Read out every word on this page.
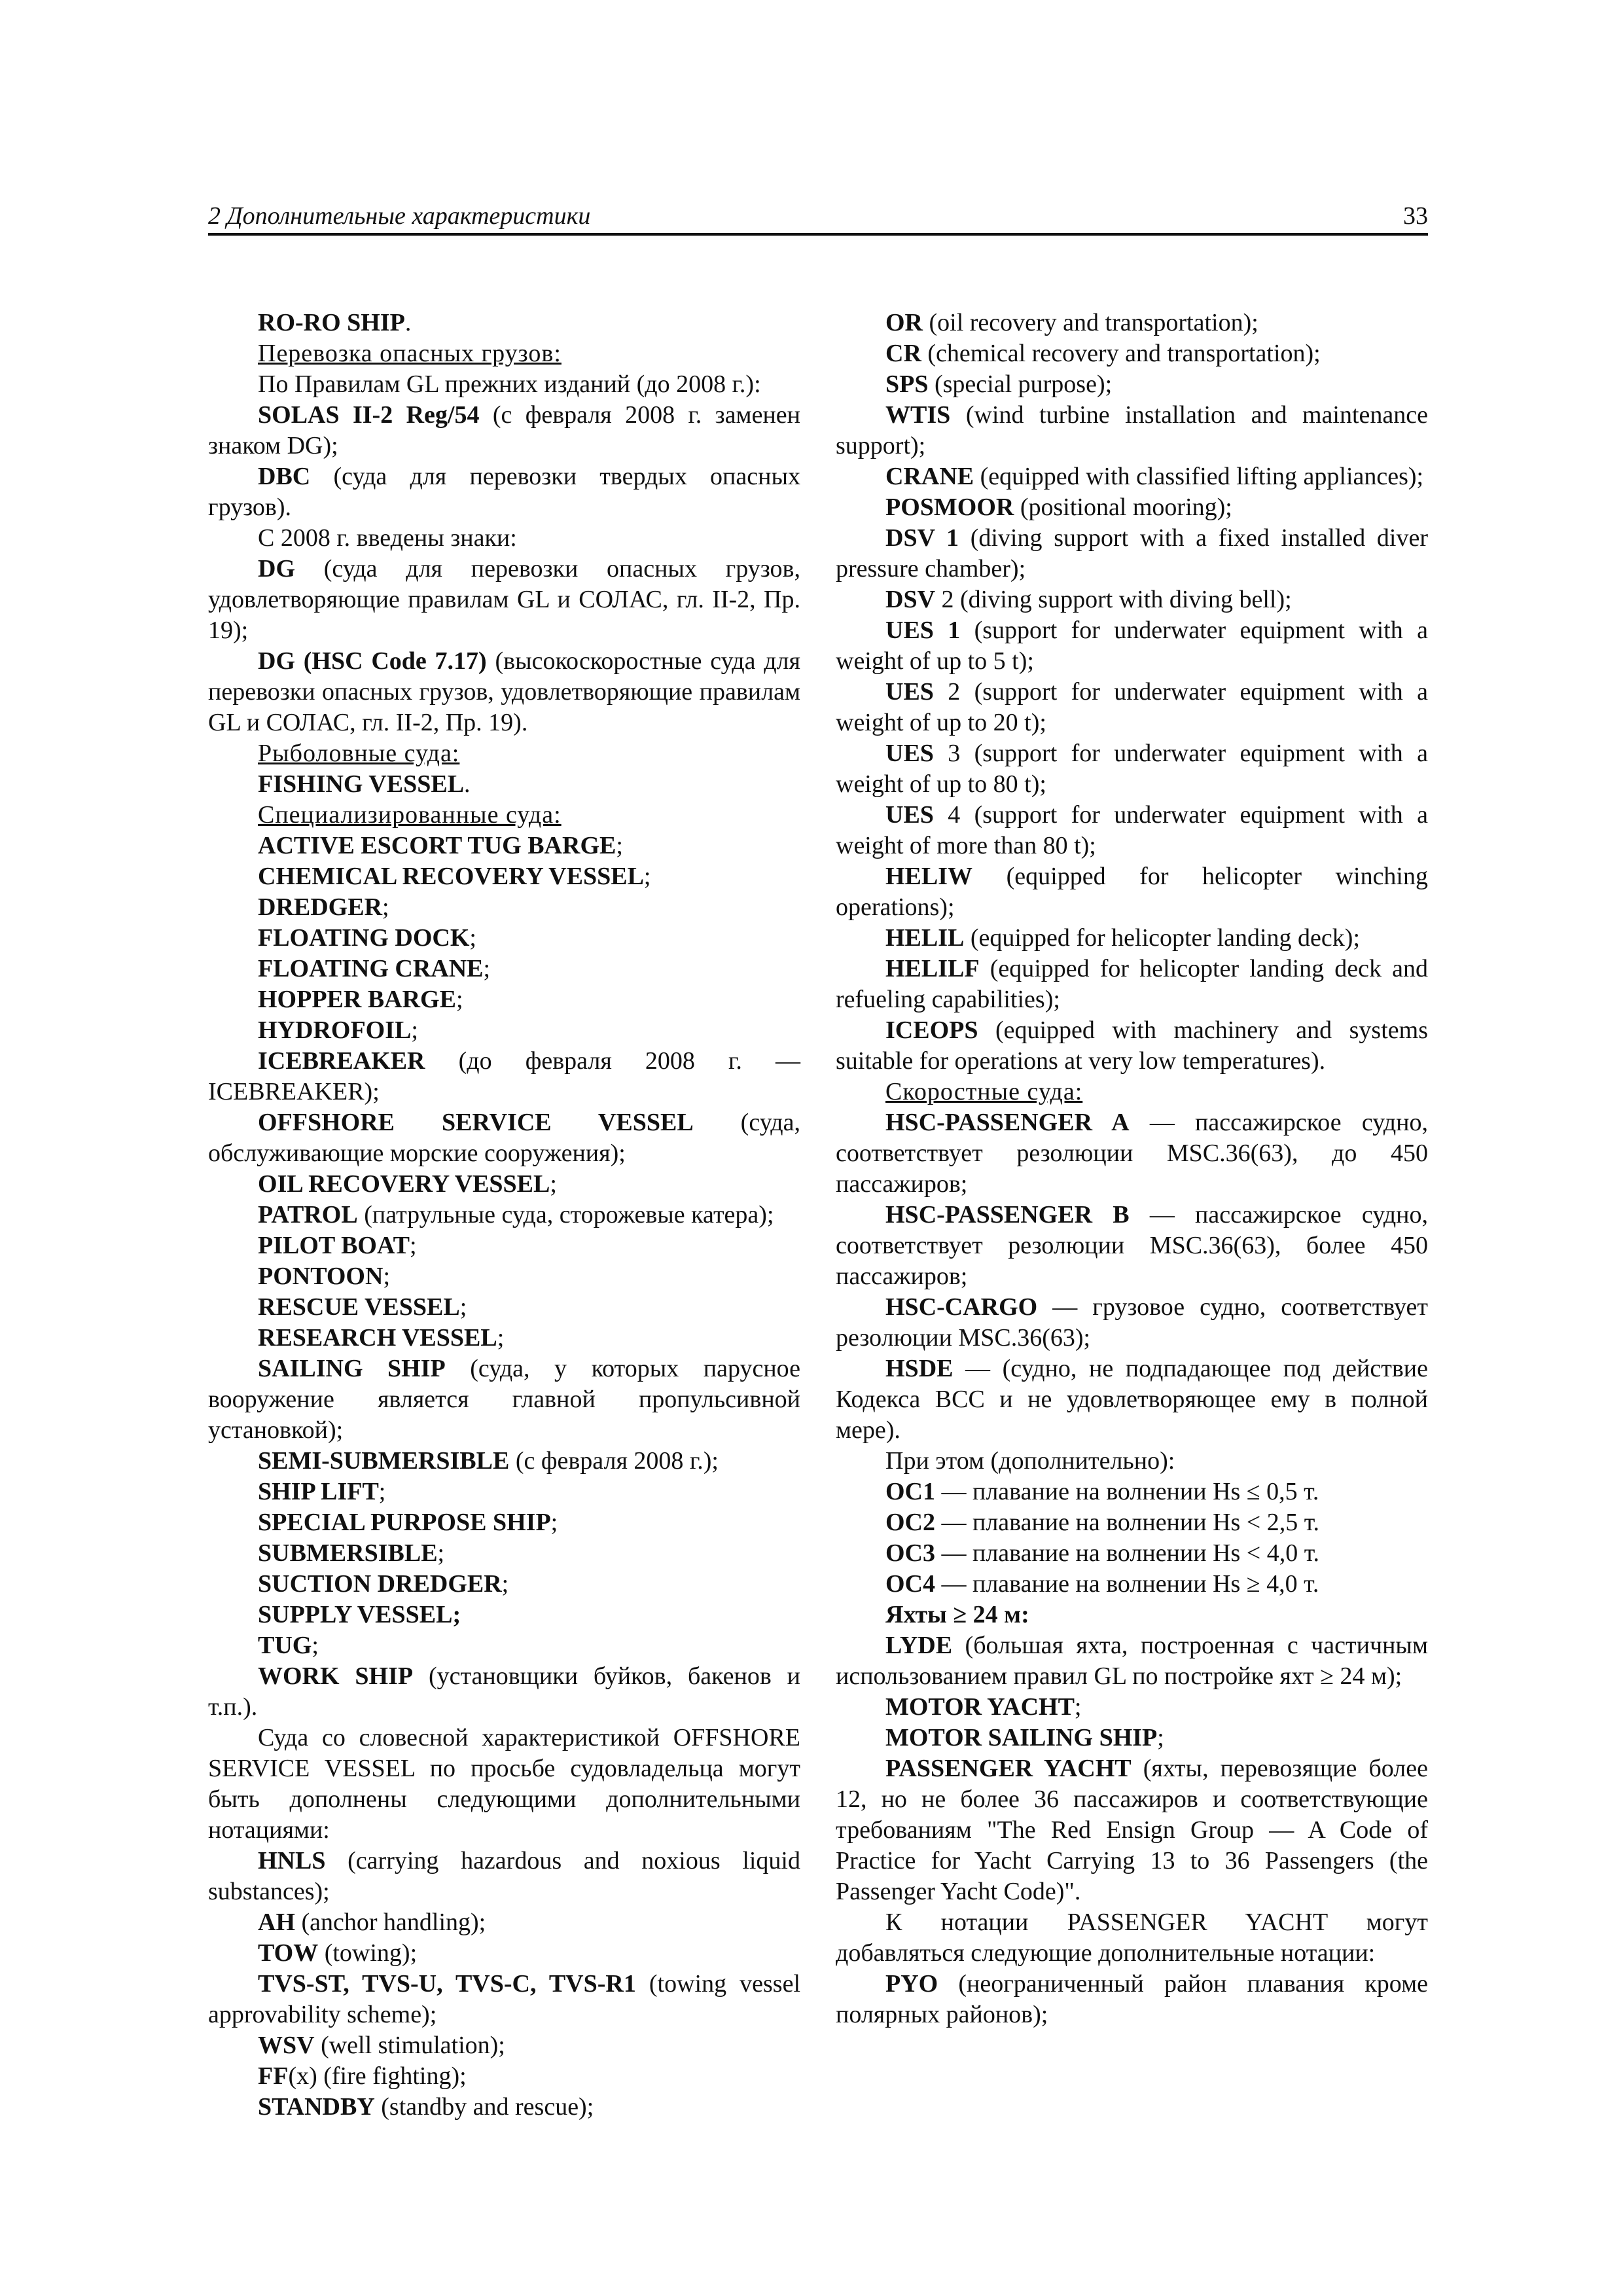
2 Дополнительные характеристики	33

RO-RO SHIP.

Перевозка опасных грузов:

По Правилам GL прежних изданий (до 2008 г.):

SOLAS II-2 Reg/54 (с февраля 2008 г. заменен знаком DG);

DBC (суда для перевозки твердых опасных грузов).

С 2008 г. введены знаки:

DG (суда для перевозки опасных грузов, удовлетворяющие правилам GL и СОЛАС, гл. II-2, Пр. 19);

DG (HSC Code 7.17) (высокоскоростные суда для перевозки опасных грузов, удовлетворяющие правилам GL и СОЛАС, гл. II-2, Пр. 19).

Рыболовные суда:

FISHING VESSEL.

Специализированные суда:

ACTIVE ESCORT TUG BARGE;

CHEMICAL RECOVERY VESSEL;

DREDGER;

FLOATING DOCK;

FLOATING CRANE;

HOPPER BARGE;

HYDROFOIL;

ICEBREAKER (до февраля 2008 г. — ICEBREAKER);

OFFSHORE SERVICE VESSEL (суда, обслуживающие морские сооружения);

OIL RECOVERY VESSEL;

PATROL (патрульные суда, сторожевые катера);

PILOT BOAT;

PONTOON;

RESCUE VESSEL;

RESEARCH VESSEL;

SAILING SHIP (суда, у которых парусное вооружение является главной пропульсивной установкой);

SEMI-SUBMERSIBLE (с февраля 2008 г.);

SHIP LIFT;

SPECIAL PURPOSE SHIP;

SUBMERSIBLE;

SUCTION DREDGER;

SUPPLY VESSEL;

TUG;

WORK SHIP (установщики буйков, бакенов и т.п.).

Суда со словесной характеристикой OFFSHORE SERVICE VESSEL по просьбе судовладельца могут быть дополнены следующими дополнительными нотациями:

HNLS (carrying hazardous and noxious liquid substances);

AH (anchor handling);

TOW (towing);

TVS-ST, TVS-U, TVS-C, TVS-R1 (towing vessel approvability scheme);

WSV (well stimulation);

FF(x) (fire fighting);

STANDBY (standby and rescue);

OR (oil recovery and transportation);

CR (chemical recovery and transportation);

SPS (special purpose);

WTIS (wind turbine installation and maintenance support);

CRANE (equipped with classified lifting appliances);

POSMOOR (positional mooring);

DSV 1 (diving support with a fixed installed diver pressure chamber);

DSV 2 (diving support with diving bell);

UES 1 (support for underwater equipment with a weight of up to 5 t);

UES 2 (support for underwater equipment with a weight of up to 20 t);

UES 3 (support for underwater equipment with a weight of up to 80 t);

UES 4 (support for underwater equipment with a weight of more than 80 t);

HELIW (equipped for helicopter winching operations);

HELIL (equipped for helicopter landing deck);

HELILF (equipped for helicopter landing deck and refueling capabilities);

ICEOPS (equipped with machinery and systems suitable for operations at very low temperatures).

Скоростные суда:

HSC-PASSENGER A — пассажирское судно, соответствует резолюции MSC.36(63), до 450 пассажиров;

HSC-PASSENGER B — пассажирское судно, соответствует резолюции MSC.36(63), более 450 пассажиров;

HSC-CARGO — грузовое судно, соответствует резолюции MSC.36(63);

HSDE — (судно, не подпадающее под действие Кодекса ВСС и не удовлетворяющее ему в полной мере).

При этом (дополнительно):

OC1 — плавание на волнении Hs ≤ 0,5 т.

OC2 — плавание на волнении Hs < 2,5 т.

OC3 — плавание на волнении Hs < 4,0 т.

OC4 — плавание на волнении Hs ≥ 4,0 т.

Яхты ≥ 24 м:

LYDE (большая яхта, построенная с частичным использованием правил GL по постройке яхт ≥ 24 м);

MOTOR YACHT;

MOTOR SAILING SHIP;

PASSENGER YACHT (яхты, перевозящие более 12, но не более 36 пассажиров и соответствующие требованиям "The Red Ensign Group — A Code of Practice for Yacht Carrying 13 to 36 Passengers (the Passenger Yacht Code)".

К нотации PASSENGER YACHT могут добавляться следующие дополнительные нотации:

PYO (неограниченный район плавания кроме полярных районов);
